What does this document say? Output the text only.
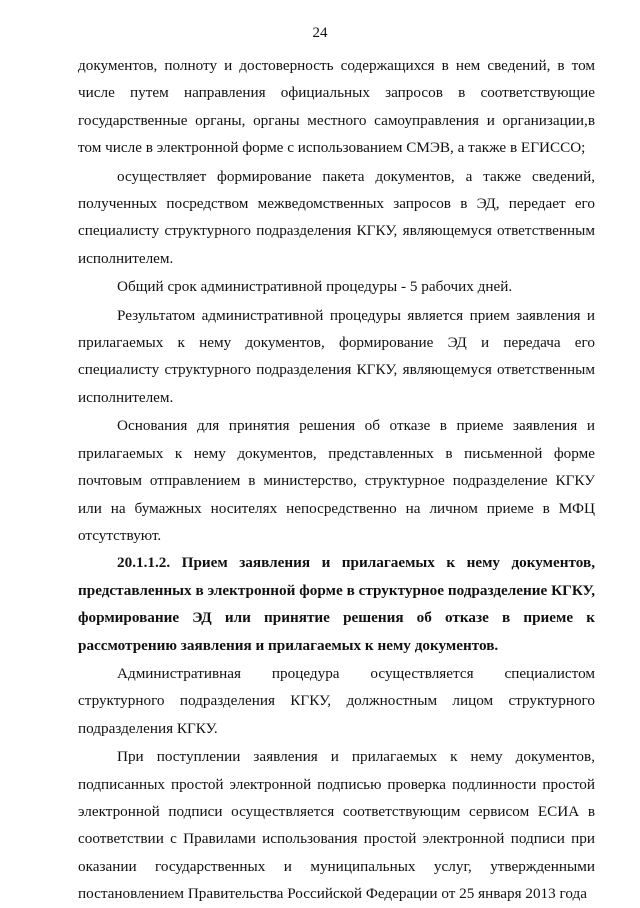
24

документов, полноту и достоверность содержащихся в нем сведений, в том числе путем направления официальных запросов в соответствующие государственные органы, органы местного самоуправления и организации,в том числе в электронной форме с использованием СМЭВ, а также в ЕГИССО;

осуществляет формирование пакета документов, а также сведений, полученных посредством межведомственных запросов в ЭД, передает его специалисту структурного подразделения КГКУ, являющемуся ответственным исполнителем.

Общий срок административной процедуры - 5 рабочих дней.

Результатом административной процедуры является прием заявления и прилагаемых к нему документов, формирование ЭД и передача его специалисту структурного подразделения КГКУ, являющемуся ответственным исполнителем.

Основания для принятия решения об отказе в приеме заявления и прилагаемых к нему документов, представленных в письменной форме почтовым отправлением в министерство, структурное подразделение КГКУ или на бумажных носителях непосредственно на личном приеме в МФЦ отсутствуют.

20.1.1.2. Прием заявления и прилагаемых к нему документов, представленных в электронной форме в структурное подразделение КГКУ, формирование ЭД или принятие решения об отказе в приеме к рассмотрению заявления и прилагаемых к нему документов.

Административная процедура осуществляется специалистом структурного подразделения КГКУ, должностным лицом структурного подразделения КГКУ.

При поступлении заявления и прилагаемых к нему документов, подписанных простой электронной подписью проверка подлинности простой электронной подписи осуществляется соответствующим сервисом ЕСИА в соответствии с Правилами использования простой электронной подписи при оказании государственных и муниципальных услуг, утвержденными постановлением Правительства Российской Федерации от 25 января 2013 года
